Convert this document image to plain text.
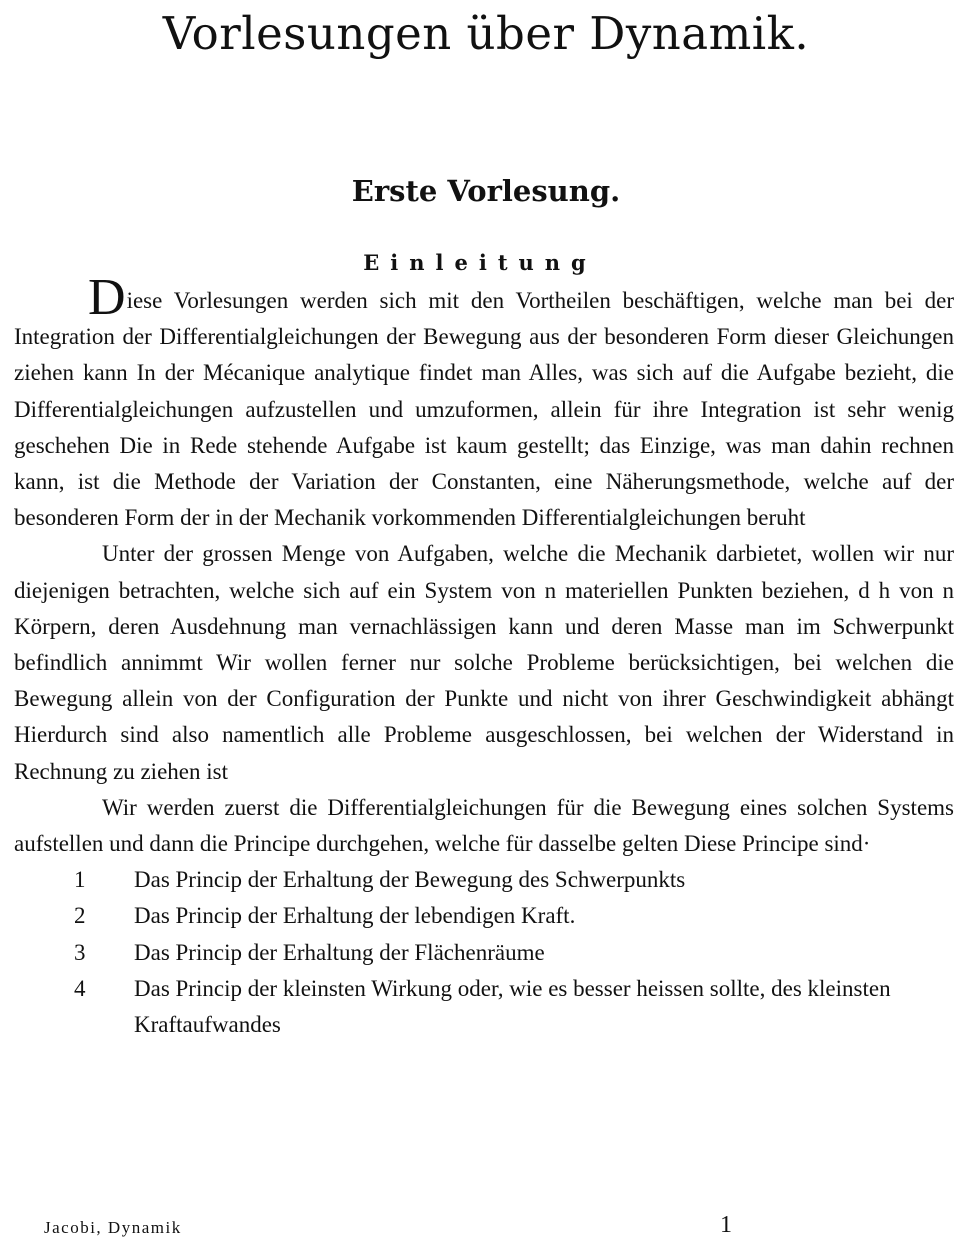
Vorlesungen über Dynamik.
Erste Vorlesung.
Einleitung

Diese Vorlesungen werden sich mit den Vortheilen beschäftigen, welche man bei der Integration der Differentialgleichungen der Bewegung aus der besonderen Form dieser Gleichungen ziehen kann In der Mécanique analytique findet man Alles, was sich auf die Aufgabe bezieht, die Differentialgleichungen aufzustellen und umzuformen, allein für ihre Integration ist sehr wenig geschehen Die in Rede stehende Aufgabe ist kaum gestellt; das Einzige, was man dahin rechnen kann, ist die Methode der Variation der Constanten, eine Näherungsmethode, welche auf der besonderen Form der in der Mechanik vorkommenden Differentialgleichungen beruht

Unter der grossen Menge von Aufgaben, welche die Mechanik darbietet, wollen wir nur diejenigen betrachten, welche sich auf ein System von n materiellen Punkten beziehen, d h von n Körpern, deren Ausdehnung man vernachlässigen kann und deren Masse man im Schwerpunkt befindlich annimmt Wir wollen ferner nur solche Probleme berücksichtigen, bei welchen die Bewegung allein von der Configuration der Punkte und nicht von ihrer Geschwindigkeit abhängt Hierdurch sind also namentlich alle Probleme ausgeschlossen, bei welchen der Widerstand in Rechnung zu ziehen ist

Wir werden zuerst die Differentialgleichungen für die Bewegung eines solchen Systems aufstellen und dann die Principe durchgehen, welche für dasselbe gelten Diese Principe sind·

1 Das Princip der Erhaltung der Bewegung des Schwerpunkts
2 Das Princip der Erhaltung der lebendigen Kraft.
3 Das Princip der Erhaltung der Flächenräume
4 Das Princip der kleinsten Wirkung oder, wie es besser heissen sollte, des kleinsten Kraftaufwandes
Jacobi, Dynamik	1
